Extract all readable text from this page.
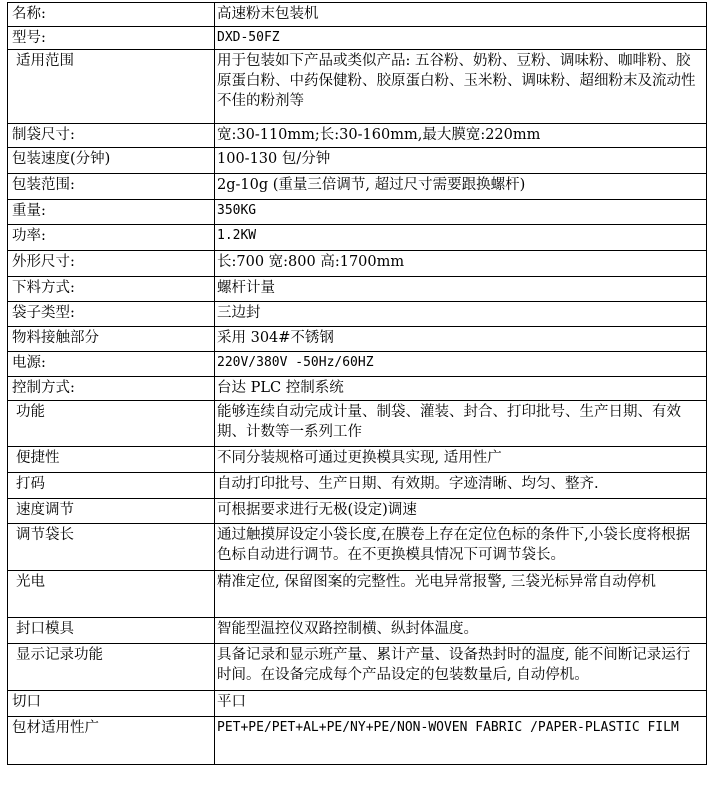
名称:	高速粉末包装机
型号:	DXD-50FZ
适用范围	用于包装如下产品或类似产品: 五谷粉、奶粉、豆粉、调味粉、咖啡粉、胶原蛋白粉、中药保健粉、胶原蛋白粉、玉米粉、调味粉、超细粉末及流动性不佳的粉剂等
制袋尺寸:	宽:30-110mm;长:30-160mm,最大膜宽:220mm
包装速度(分钟)	100-130 包/分钟
包装范围:	2g-10g (重量三倍调节, 超过尺寸需要跟换螺杆)
重量:	350KG
功率:	1.2KW
外形尺寸:	长:700 宽:800 高:1700mm
下料方式:	螺杆计量
袋子类型:	三边封
物料接触部分	采用 304#不锈钢
电源:	220V/380V -50Hz/60HZ
控制方式:	台达 PLC 控制系统
功能	能够连续自动完成计量、制袋、灌装、封合、打印批号、生产日期、有效期、计数等一系列工作
便捷性	不同分装规格可通过更换模具实现, 适用性广
打码	自动打印批号、生产日期、有效期。字迹清晰、均匀、整齐.
速度调节	可根据要求进行无极(设定)调速
调节袋长	通过触摸屏设定小袋长度,在膜卷上存在定位色标的条件下,小袋长度将根据色标自动进行调节。在不更换模具情况下可调节袋长。
光电	精准定位, 保留图案的完整性。光电异常报警, 三袋光标异常自动停机
封口模具	智能型温控仪双路控制横、纵封体温度。
显示记录功能	具备记录和显示班产量、累计产量、设备热封时的温度, 能不间断记录运行时间。在设备完成每个产品设定的包装数量后, 自动停机。
切口	平口
包材适用性广	PET+PE/PET+AL+PE/NY+PE/NON-WOVEN FABRIC /PAPER-PLASTIC FILM
